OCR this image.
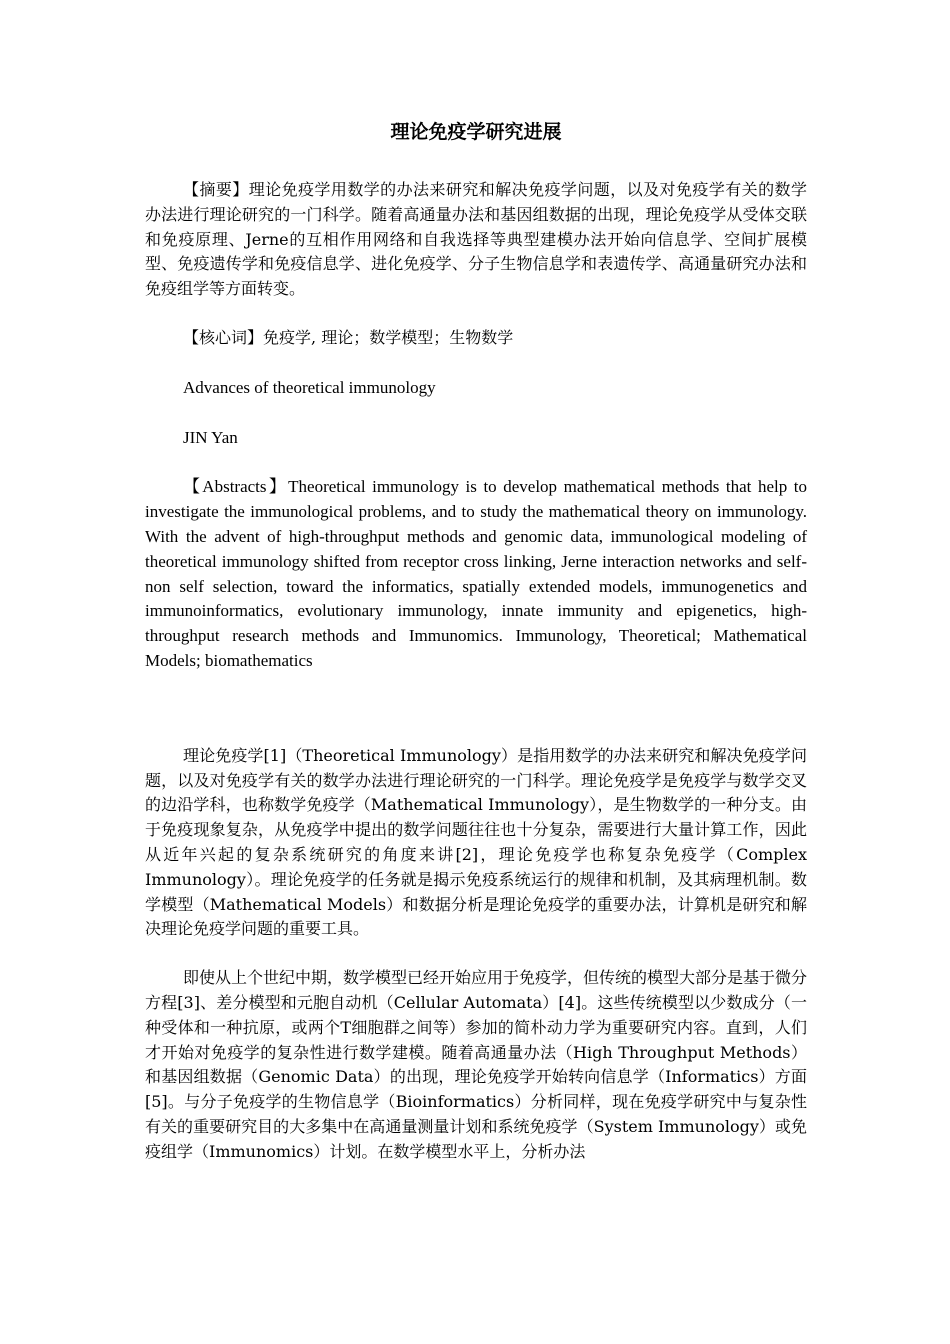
理论免疫学研究进展

【摘要】理论免疫学用数学的办法来研究和解决免疫学问题，以及对免疫学有关的数学办法进行理论研究的一门科学。随着高通量办法和基因组数据的出现，理论免疫学从受体交联和免疫原理、Jerne的互相作用网络和自我选择等典型建模办法开始向信息学、空间扩展模型、免疫遗传学和免疫信息学、进化免疫学、分子生物信息学和表遗传学、高通量研究办法和免疫组学等方面转变。

【核心词】免疫学, 理论；数学模型；生物数学

Advances of theoretical immunology

JIN Yan

【Abstracts】Theoretical immunology is to develop mathematical methods that help to investigate the immunological problems, and to study the mathematical theory on immunology. With the advent of high-throughput methods and genomic data, immunological modeling of theoretical immunology shifted from receptor cross linking, Jerne interaction networks and self-non self selection, toward the informatics, spatially extended models, immunogenetics and immunoinformatics, evolutionary immunology, innate immunity and epigenetics, high-throughput research methods and Immunomics. Immunology, Theoretical; Mathematical Models; biomathematics

理论免疫学[1]（Theoretical Immunology）是指用数学的办法来研究和解决免疫学问题，以及对免疫学有关的数学办法进行理论研究的一门科学。理论免疫学是免疫学与数学交叉的边沿学科，也称数学免疫学（Mathematical Immunology），是生物数学的一种分支。由于免疫现象复杂，从免疫学中提出的数学问题往往也十分复杂，需要进行大量计算工作，因此从近年兴起的复杂系统研究的角度来讲[2]，理论免疫学也称复杂免疫学（Complex Immunology）。理论免疫学的任务就是揭示免疫系统运行的规律和机制，及其病理机制。数学模型（Mathematical Models）和数据分析是理论免疫学的重要办法，计算机是研究和解决理论免疫学问题的重要工具。

即使从上个世纪中期，数学模型已经开始应用于免疫学，但传统的模型大部分是基于微分方程[3]、差分模型和元胞自动机（Cellular Automata）[4]。这些传统模型以少数成分（一种受体和一种抗原，或两个T细胞群之间等）参加的简朴动力学为重要研究内容。直到，人们才开始对免疫学的复杂性进行数学建模。随着高通量办法（High Throughput Methods）和基因组数据（Genomic Data）的出现，理论免疫学开始转向信息学（Informatics）方面[5]。与分子免疫学的生物信息学（Bioinformatics）分析同样，现在免疫学研究中与复杂性有关的重要研究目的大多集中在高通量测量计划和系统免疫学（System Immunology）或免疫组学（Immunomics）计划。在数学模型水平上，分析办法
